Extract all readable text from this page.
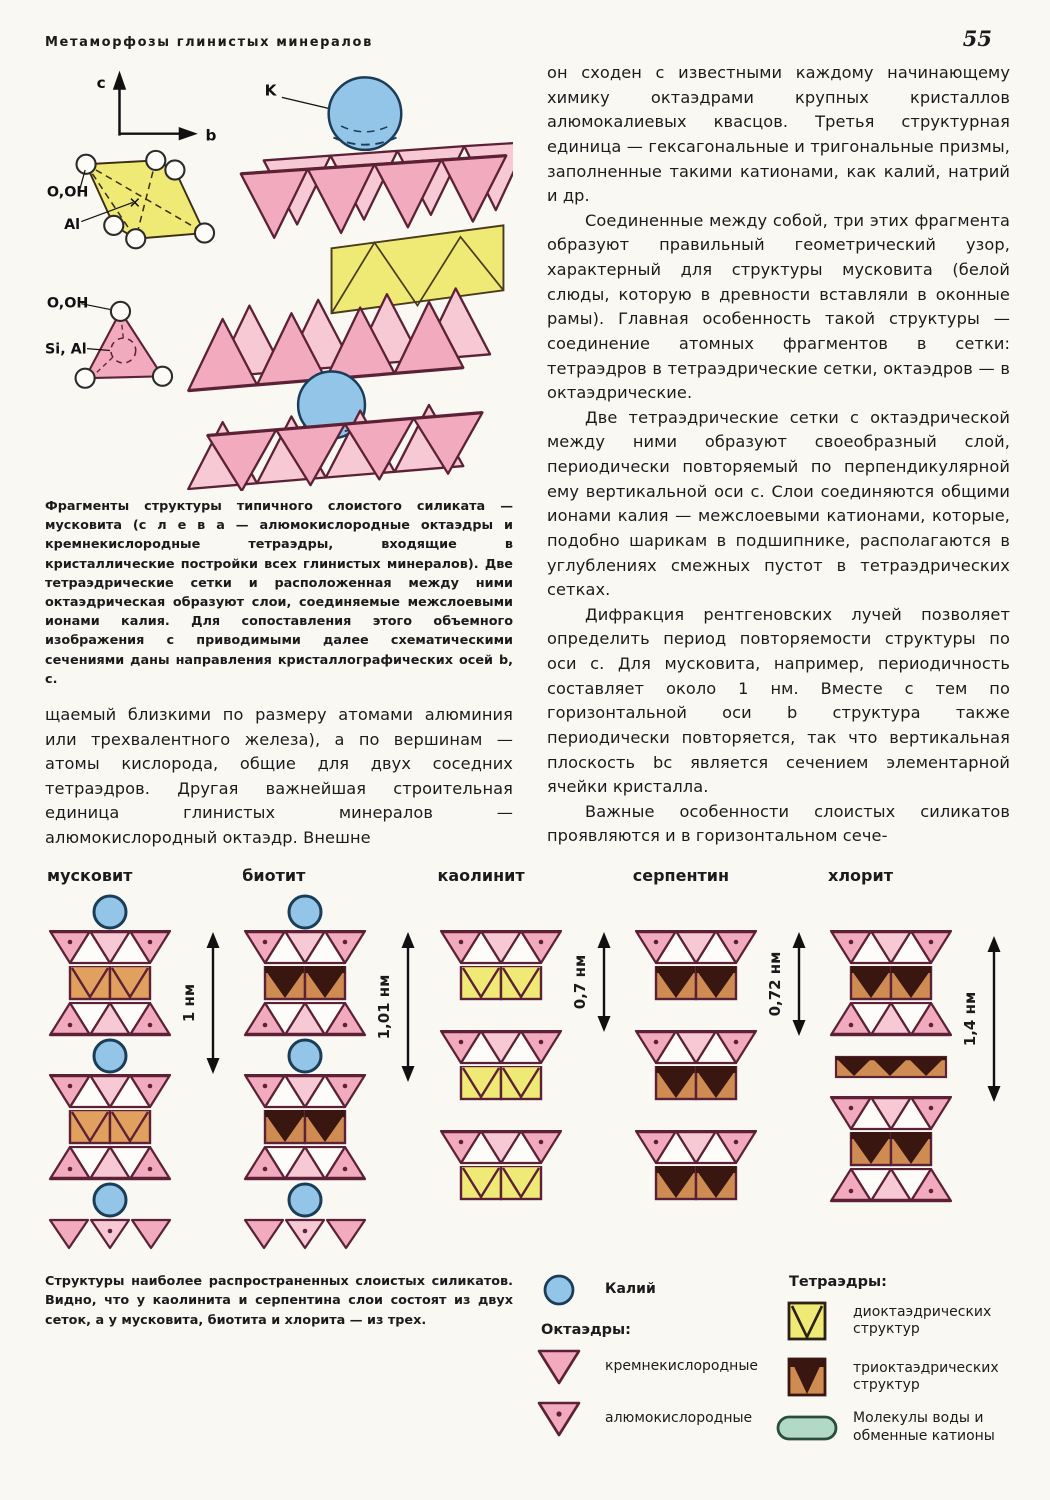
Метаморфозы глинистых минералов	55
c
b
K
O,OH
Al
O,OH
Si, Al

Фрагменты структуры типичного слоистого силиката — мусковита (с л е в а — алюмокислородные октаэдры и кремнекислородные тетраэдры, входящие в кристаллические постройки всех глинистых минералов). Две тетраэдрические сетки и расположенная между ними октаэдрическая образуют слои, соединяемые межслоевыми ионами калия. Для сопоставления этого объемного изображения с приводимыми далее схематическими сечениями даны направления кристаллографических осей b, c.

щаемый близкими по размеру атомами алюминия или трехвалентного железа), а по вершинам — атомы кислорода, общие для двух соседних тетраэдров. Другая важнейшая строительная единица глинистых минералов — алюмокислородный октаэдр. Внешне

он сходен с известными каждому начинающему химику октаэдрами крупных кристаллов алюмокалиевых квасцов. Третья структурная единица — гексагональные и тригональные призмы, заполненные такими катионами, как калий, натрий и др.

Соединенные между собой, три этих фрагмента образуют правильный геометрический узор, характерный для структуры мусковита (белой слюды, которую в древности вставляли в оконные рамы). Главная особенность такой структуры — соединение атомных фрагментов в сетки: тетраэдров в тетраэдрические сетки, октаэдров — в октаэдрические.

Две тетраэдрические сетки с октаэдрической между ними образуют своеобразный слой, периодически повторяемый по перпендикулярной ему вертикальной оси c. Слои соединяются общими ионами калия — межслоевыми катионами, которые, подобно шарикам в подшипнике, располагаются в углублениях смежных пустот в тетраэдрических сетках.

Дифракция рентгеновских лучей позволяет определить период повторяемости структуры по оси c. Для мусковита, например, периодичность составляет около 1 нм. Вместе с тем по горизонтальной оси b структура также периодически повторяется, так что вертикальная плоскость bc является сечением элементарной ячейки кристалла.

Важные особенности слоистых силикатов проявляются и в горизонтальном сече-

мусковит
1 нм
биотит
1,01 нм
каолинит
0,7 нм
серпентин
0,72 нм
хлорит
1,4 нм

Структуры наиболее распространенных слоистых силикатов. Видно, что у каолинита и серпентина слои состоят из двух сеток, а у мусковита, биотита и хлорита — из трех.

Калий
Октаэдры:
кремнекислородные
алюмокислородные
Тетраэдры:
диоктаэдрических структур
триоктаэдрических структур
Молекулы воды и обменные катионы
